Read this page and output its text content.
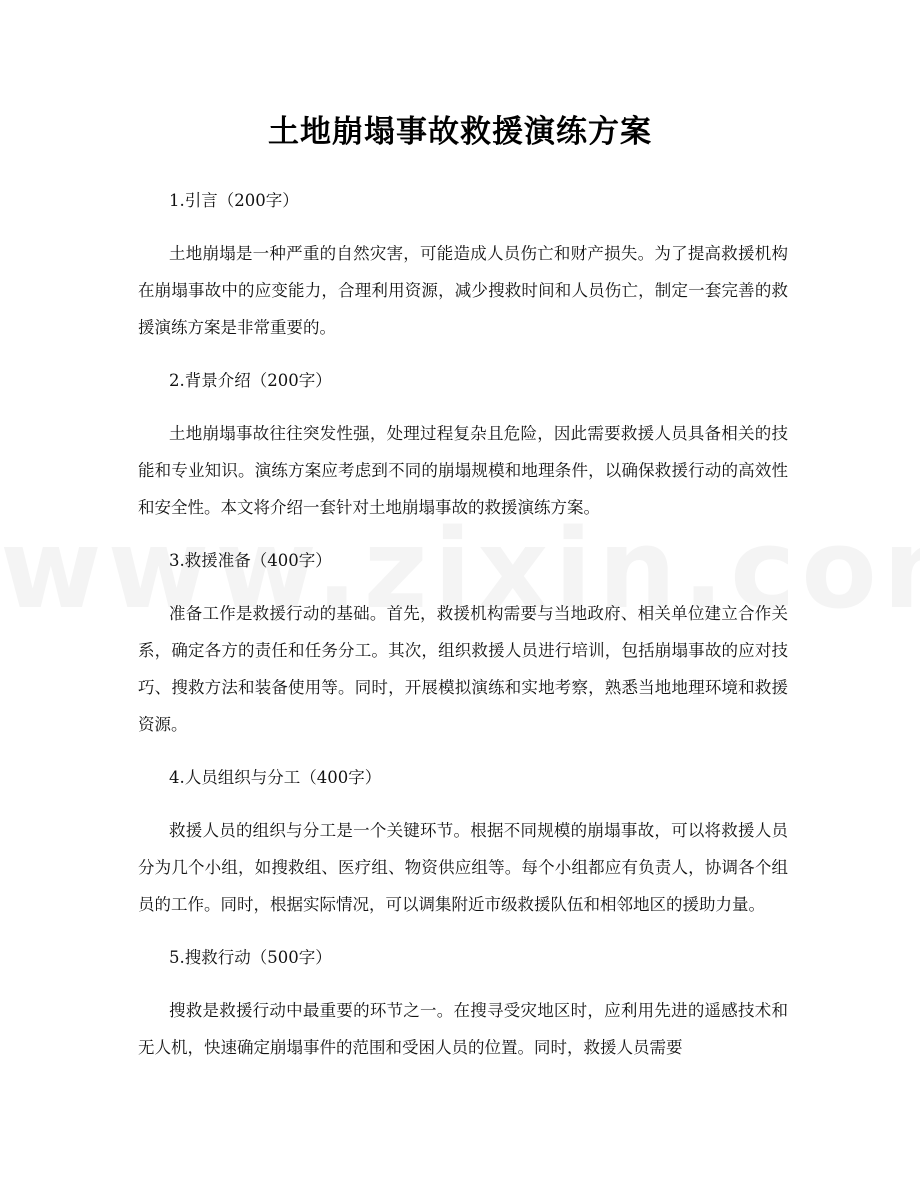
土地崩塌事故救援演练方案

1.引言（200字）

土地崩塌是一种严重的自然灾害，可能造成人员伤亡和财产损失。为了提高救援机构在崩塌事故中的应变能力，合理利用资源，减少搜救时间和人员伤亡，制定一套完善的救援演练方案是非常重要的。

2.背景介绍（200字）

土地崩塌事故往往突发性强，处理过程复杂且危险，因此需要救援人员具备相关的技能和专业知识。演练方案应考虑到不同的崩塌规模和地理条件，以确保救援行动的高效性和安全性。本文将介绍一套针对土地崩塌事故的救援演练方案。

3.救援准备（400字）

准备工作是救援行动的基础。首先，救援机构需要与当地政府、相关单位建立合作关系，确定各方的责任和任务分工。其次，组织救援人员进行培训，包括崩塌事故的应对技巧、搜救方法和装备使用等。同时，开展模拟演练和实地考察，熟悉当地地理环境和救援资源。

4.人员组织与分工（400字）

救援人员的组织与分工是一个关键环节。根据不同规模的崩塌事故，可以将救援人员分为几个小组，如搜救组、医疗组、物资供应组等。每个小组都应有负责人，协调各个组员的工作。同时，根据实际情况，可以调集附近市级救援队伍和相邻地区的援助力量。

5.搜救行动（500字）

搜救是救援行动中最重要的环节之一。在搜寻受灾地区时，应利用先进的遥感技术和无人机，快速确定崩塌事件的范围和受困人员的位置。同时，救援人员需要
